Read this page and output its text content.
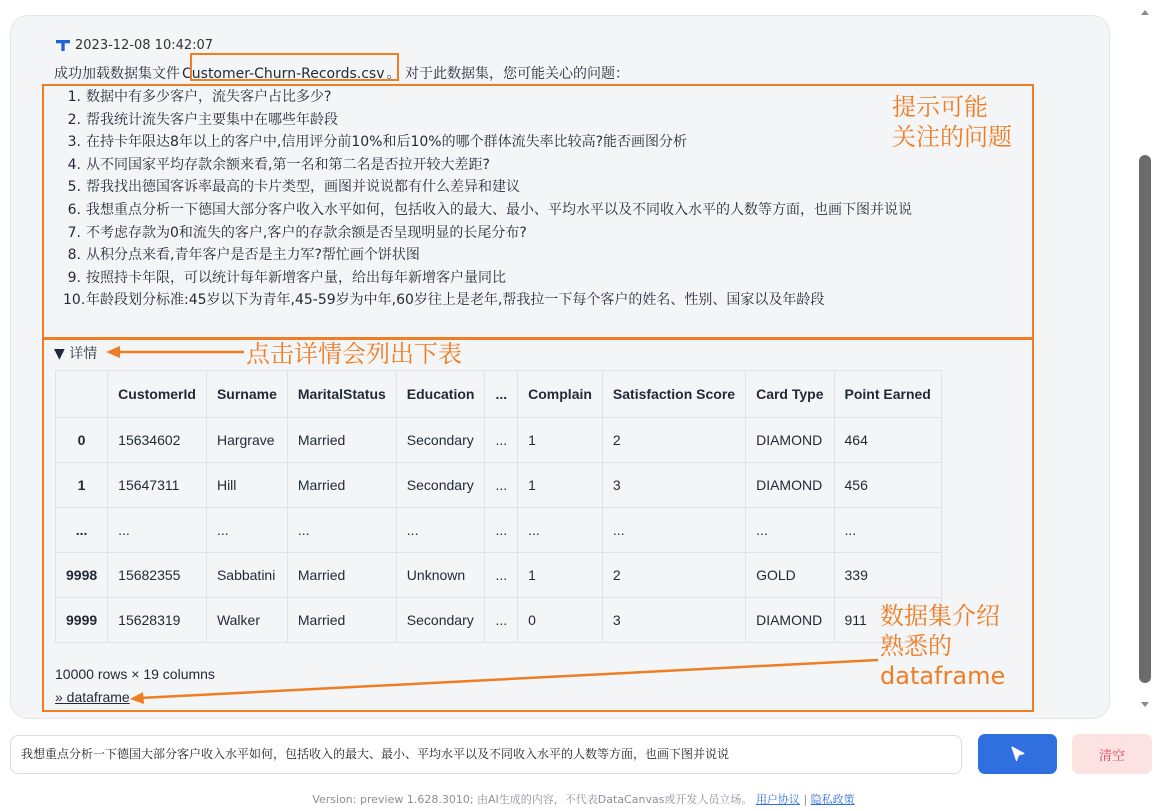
2023-12-08 10:42:07
成功加载数据集文件 Customer-Churn-Records.csv 。 对于此数据集，您可能关心的问题：
1. 数据中有多少客户，流失客户占比多少?
2. 帮我统计流失客户主要集中在哪些年龄段
3. 在持卡年限达8年以上的客户中,信用评分前10%和后10%的哪个群体流失率比较高?能否画图分析
4. 从不同国家平均存款余额来看,第一名和第二名是否拉开较大差距?
5. 帮我找出德国客诉率最高的卡片类型，画图并说说都有什么差异和建议
6. 我想重点分析一下德国大部分客户收入水平如何，包括收入的最大、最小、平均水平以及不同收入水平的人数等方面，也画下图并说说
7. 不考虑存款为0和流失的客户,客户的存款余额是否呈现明显的长尾分布?
8. 从积分点来看,青年客户是否是主力军?帮忙画个饼状图
9. 按照持卡年限，可以统计每年新增客户量，给出每年新增客户量同比
10. 年龄段划分标准:45岁以下为青年,45-59岁为中年,60岁往上是老年,帮我拉一下每个客户的姓名、性别、国家以及年龄段
▼ 详情
	CustomerId	Surname	MaritalStatus	Education	...	Complain	Satisfaction Score	Card Type	Point Earned
0	15634602	Hargrave	Married	Secondary	...	1	2	DIAMOND	464
1	15647311	Hill	Married	Secondary	...	1	3	DIAMOND	456
...	...	...	...	...	...	...	...	...	...
9998	15682355	Sabbatini	Married	Unknown	...	1	2	GOLD	339
9999	15628319	Walker	Married	Secondary	...	0	3	DIAMOND	911
10000 rows × 19 columns
» dataframe
提示可能
关注的问题
点击详情会列出下表
数据集介绍
熟悉的
dataframe
我想重点分析一下德国大部分客户收入水平如何，包括收入的最大、最小、平均水平以及不同收入水平的人数等方面，也画下图并说说	清空
Version: preview 1.628.3010; 由AI生成的内容，不代表DataCanvas或开发人员立场。 用户协议 | 隐私政策
